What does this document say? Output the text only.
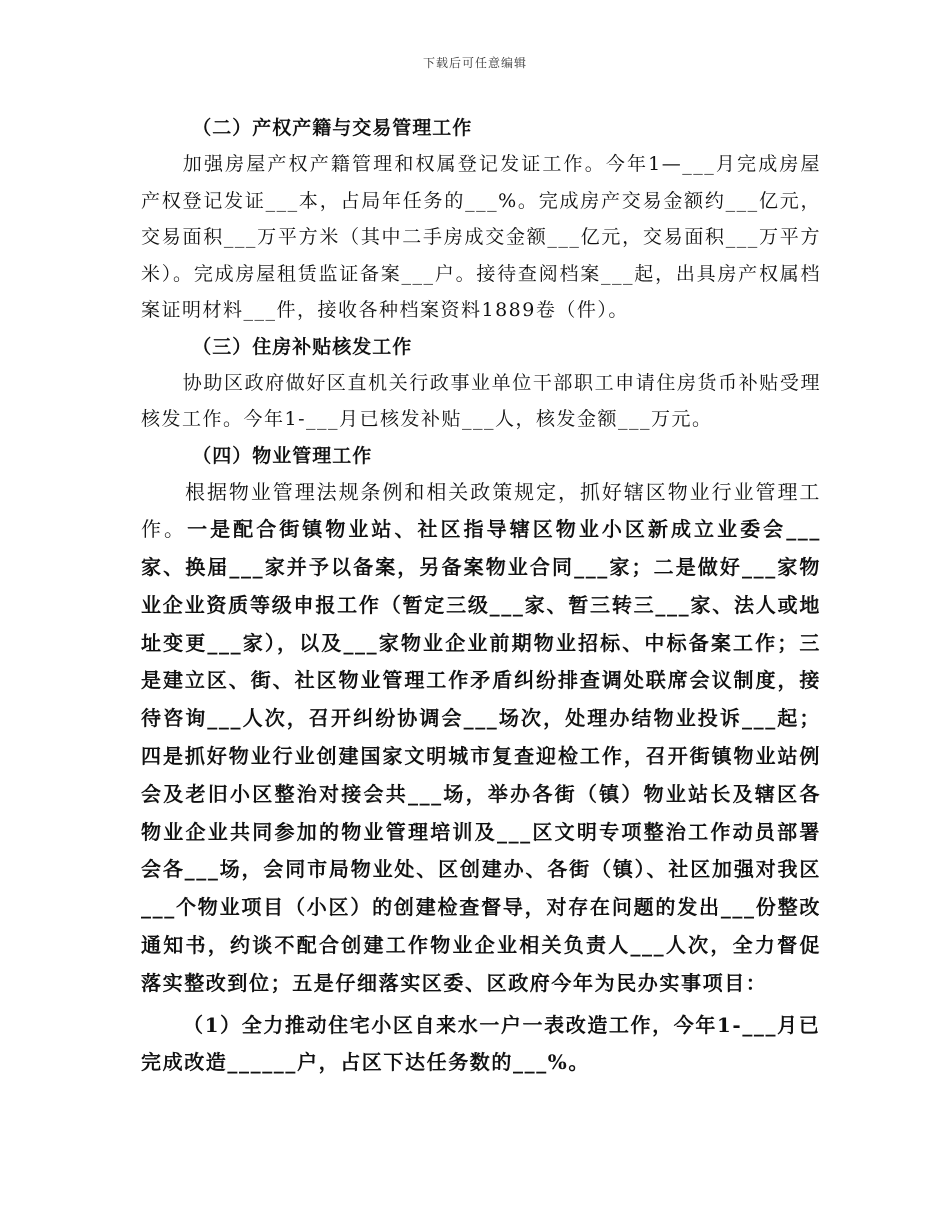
下载后可任意编辑

（二）产权产籍与交易管理工作

加强房屋产权产籍管理和权属登记发证工作。今年1—___月完成房屋产权登记发证___本，占局年任务的___%。完成房产交易金额约___亿元，交易面积___万平方米（其中二手房成交金额___亿元，交易面积___万平方米）。完成房屋租赁监证备案___户。接待查阅档案___起，出具房产权属档案证明材料___件，接收各种档案资料1889卷（件）。

（三）住房补贴核发工作

协助区政府做好区直机关行政事业单位干部职工申请住房货币补贴受理核发工作。今年1-___月已核发补贴___人，核发金额___万元。

（四）物业管理工作

根据物业管理法规条例和相关政策规定，抓好辖区物业行业管理工作。一是配合街镇物业站、社区指导辖区物业小区新成立业委会___家、换届___家并予以备案，另备案物业合同___家；二是做好___家物业企业资质等级申报工作（暂定三级___家、暂三转三___家、法人或地址变更___家），以及___家物业企业前期物业招标、中标备案工作；三是建立区、街、社区物业管理工作矛盾纠纷排查调处联席会议制度，接待咨询___人次，召开纠纷协调会___场次，处理办结物业投诉___起；四是抓好物业行业创建国家文明城市复查迎检工作，召开街镇物业站例会及老旧小区整治对接会共___场，举办各街（镇）物业站长及辖区各物业企业共同参加的物业管理培训及___区文明专项整治工作动员部署会各___场，会同市局物业处、区创建办、各街（镇）、社区加强对我区___个物业项目（小区）的创建检查督导，对存在问题的发出___份整改通知书，约谈不配合创建工作物业企业相关负责人___人次，全力督促落实整改到位；五是仔细落实区委、区政府今年为民办实事项目：

（1）全力推动住宅小区自来水一户一表改造工作，今年1-___月已完成改造______户，占区下达任务数的___%。
